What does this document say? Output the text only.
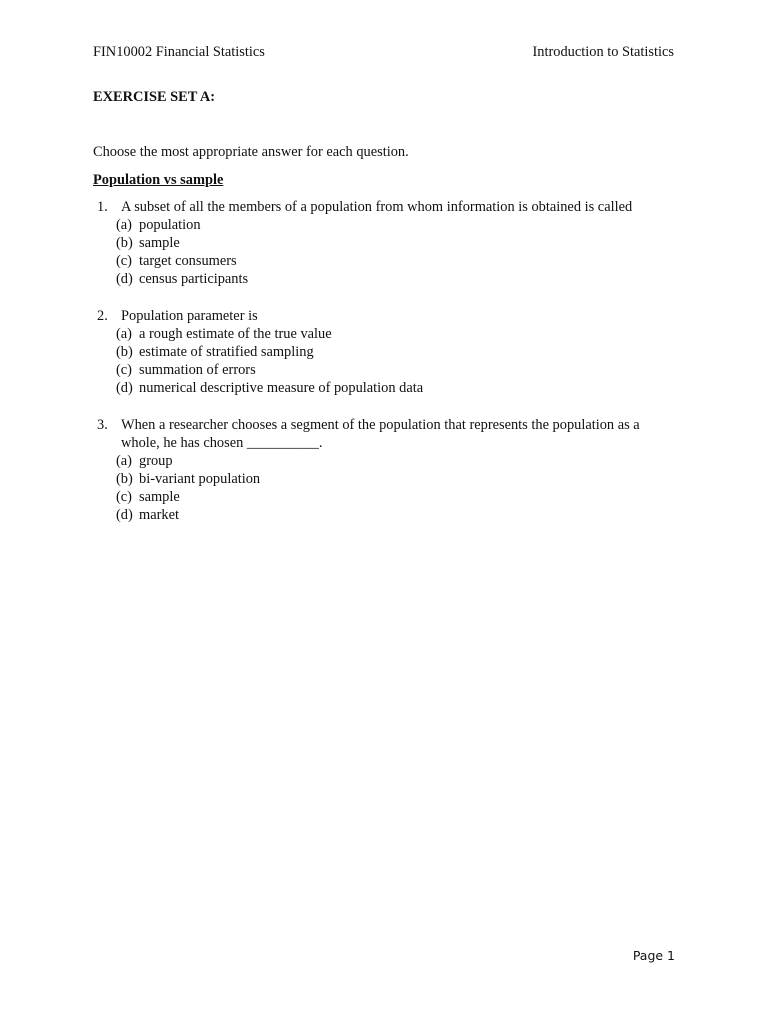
FIN10002 Financial Statistics	Introduction to Statistics
EXERCISE SET A:
Choose the most appropriate answer for each question.
Population vs sample
1. A subset of all the members of a population from whom information is obtained is called
(a) population
(b) sample
(c) target consumers
(d) census participants
2. Population parameter is
(a) a rough estimate of the true value
(b) estimate of stratified sampling
(c) summation of errors
(d) numerical descriptive measure of population data
3. When a researcher chooses a segment of the population that represents the population as a whole, he has chosen __________.
(a) group
(b) bi-variant population
(c) sample
(d) market
Page 1
